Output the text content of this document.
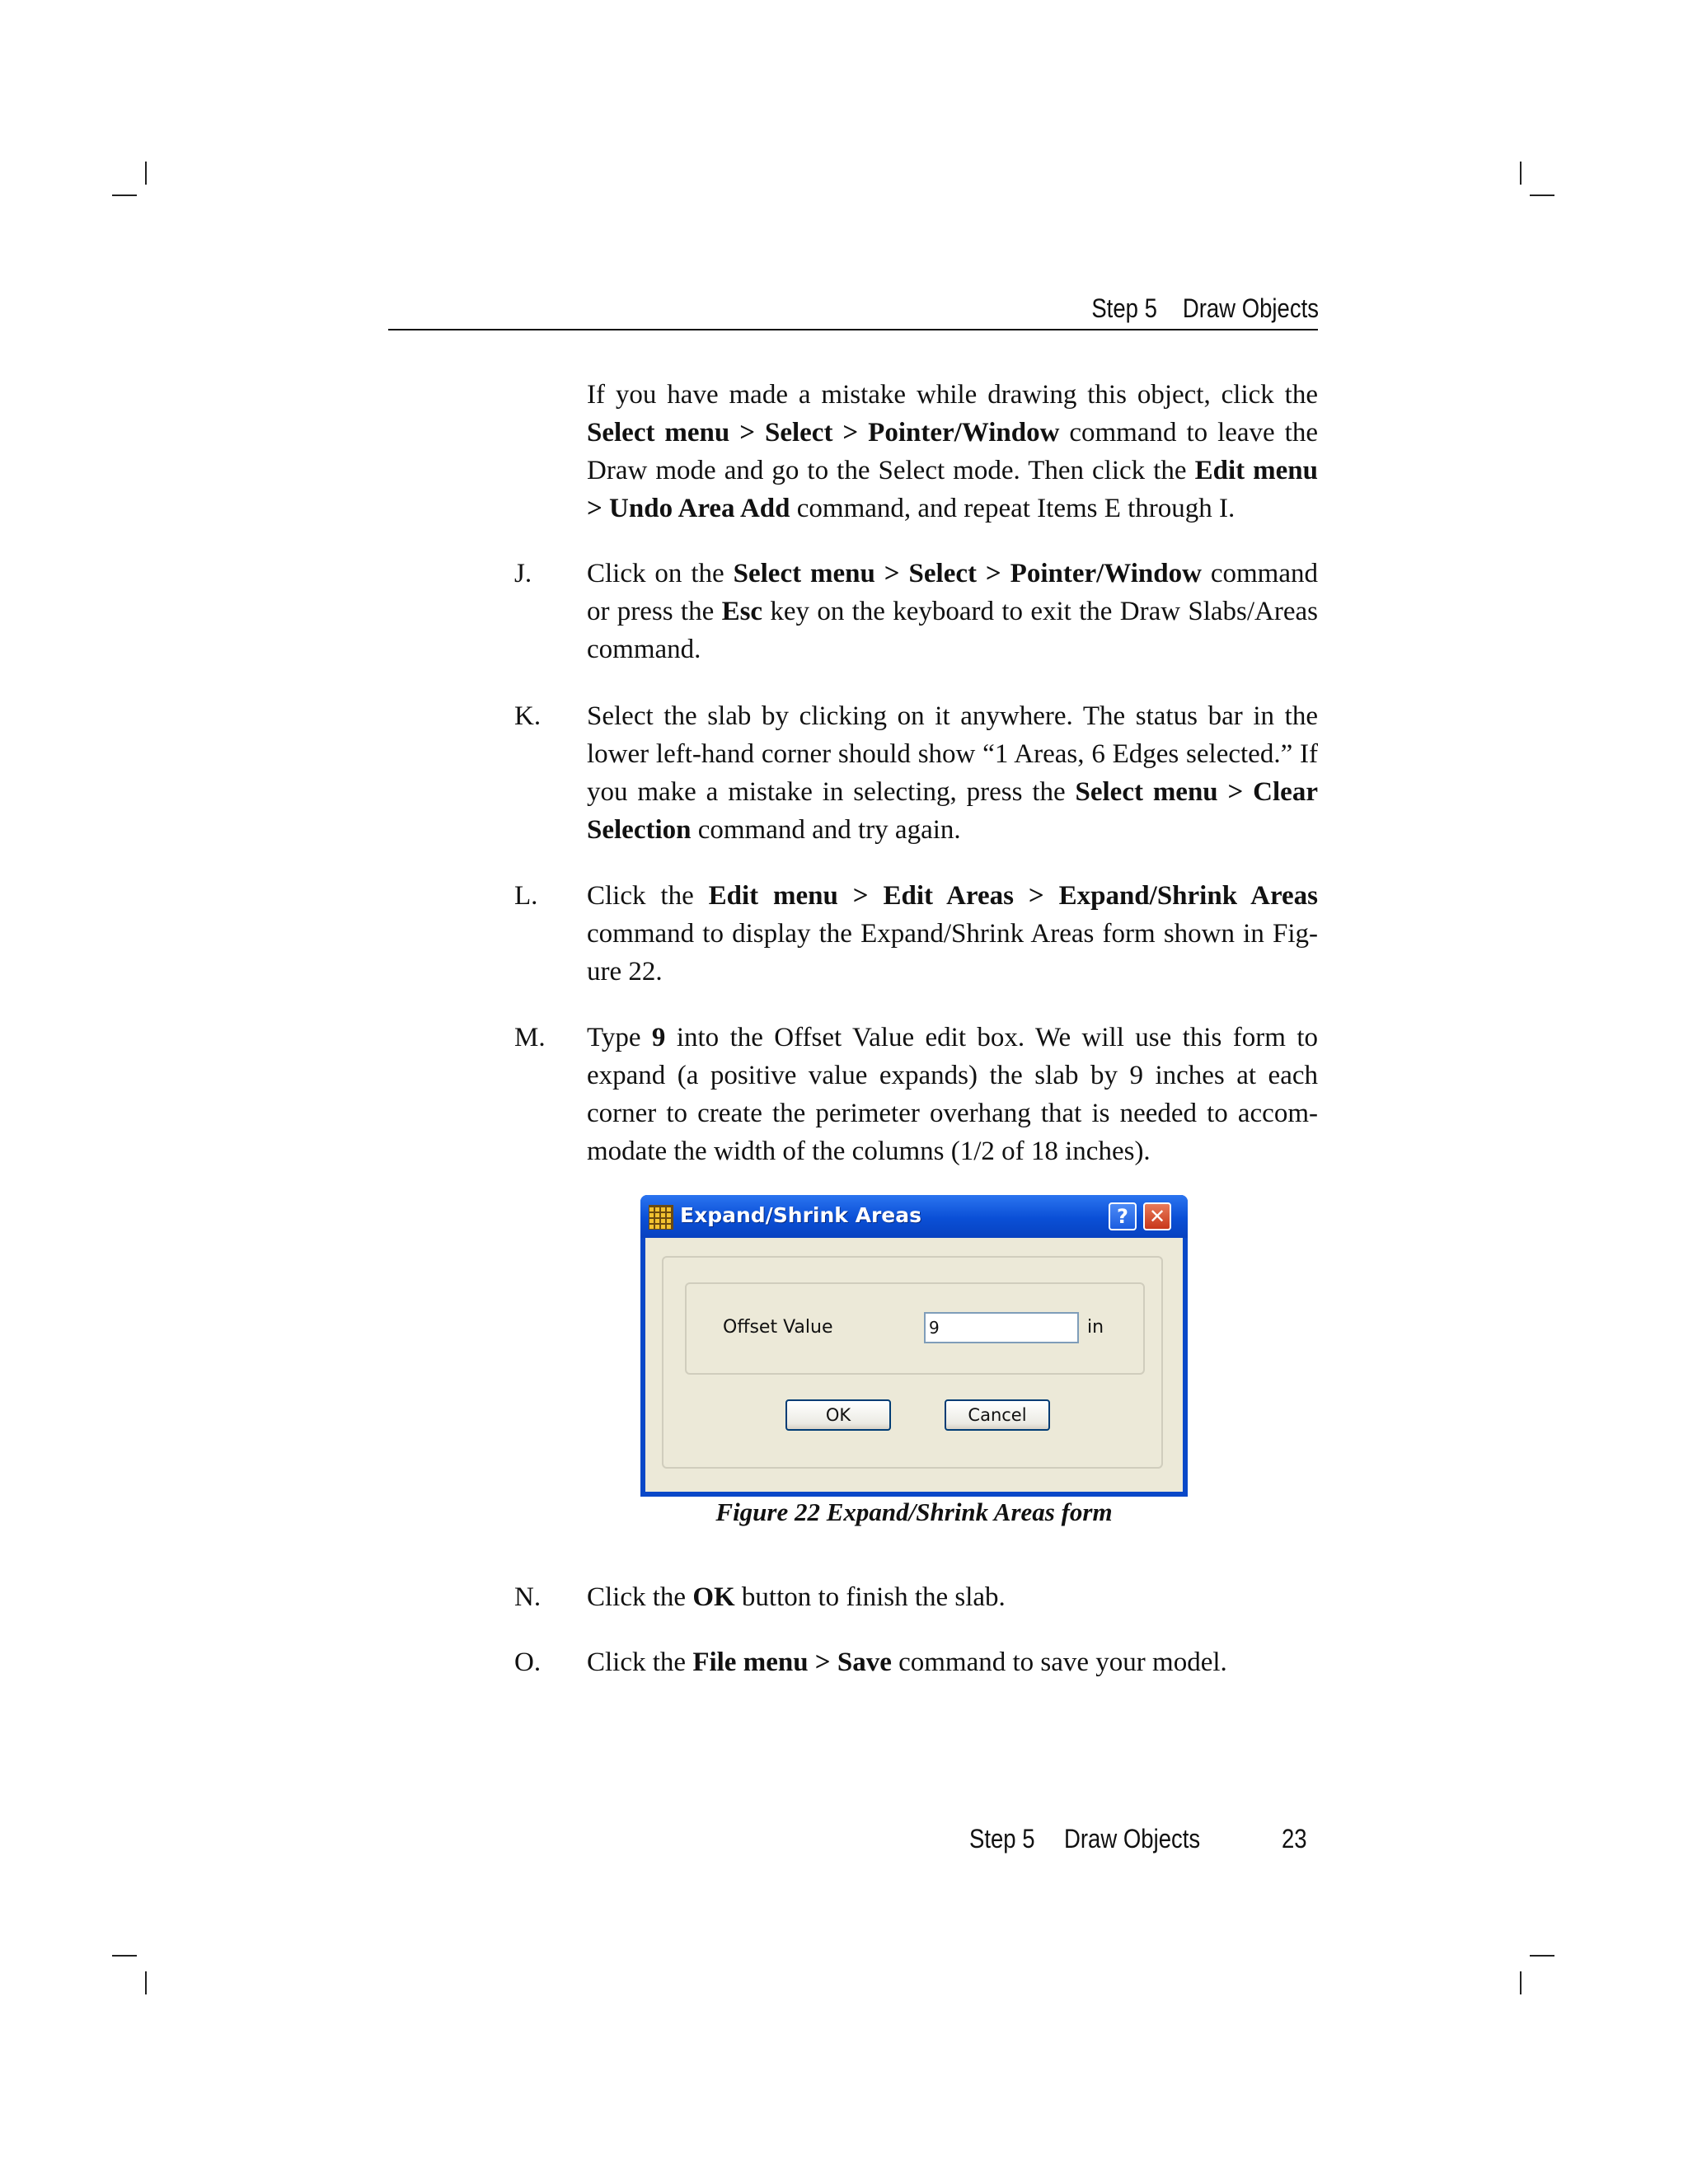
Step 5 Draw Objects
If you have made a mistake while drawing this object, click the Select menu > Select > Pointer/Window command to leave the Draw mode and go to the Select mode. Then click the Edit menu > Undo Area Add command, and repeat Items E through I.
J. Click on the Select menu > Select > Pointer/Window command or press the Esc key on the keyboard to exit the Draw Slabs/Areas command.
K. Select the slab by clicking on it anywhere. The status bar in the lower left-hand corner should show “1 Areas, 6 Edges selected.” If you make a mistake in selecting, press the Select menu > Clear Selection command and try again.
L. Click the Edit menu > Edit Areas > Expand/Shrink Areas command to display the Expand/Shrink Areas form shown in Fig-ure 22.
M. Type 9 into the Offset Value edit box. We will use this form to expand (a positive value expands) the slab by 9 inches at each corner to create the perimeter overhang that is needed to accom-modate the width of the columns (1/2 of 18 inches).
Expand/Shrink Areas	?	✕
Offset Value	9	in
OK	Cancel
Figure 22 Expand/Shrink Areas form
N. Click the OK button to finish the slab.
O. Click the File menu > Save command to save your model.
Step 5 Draw Objects	23
